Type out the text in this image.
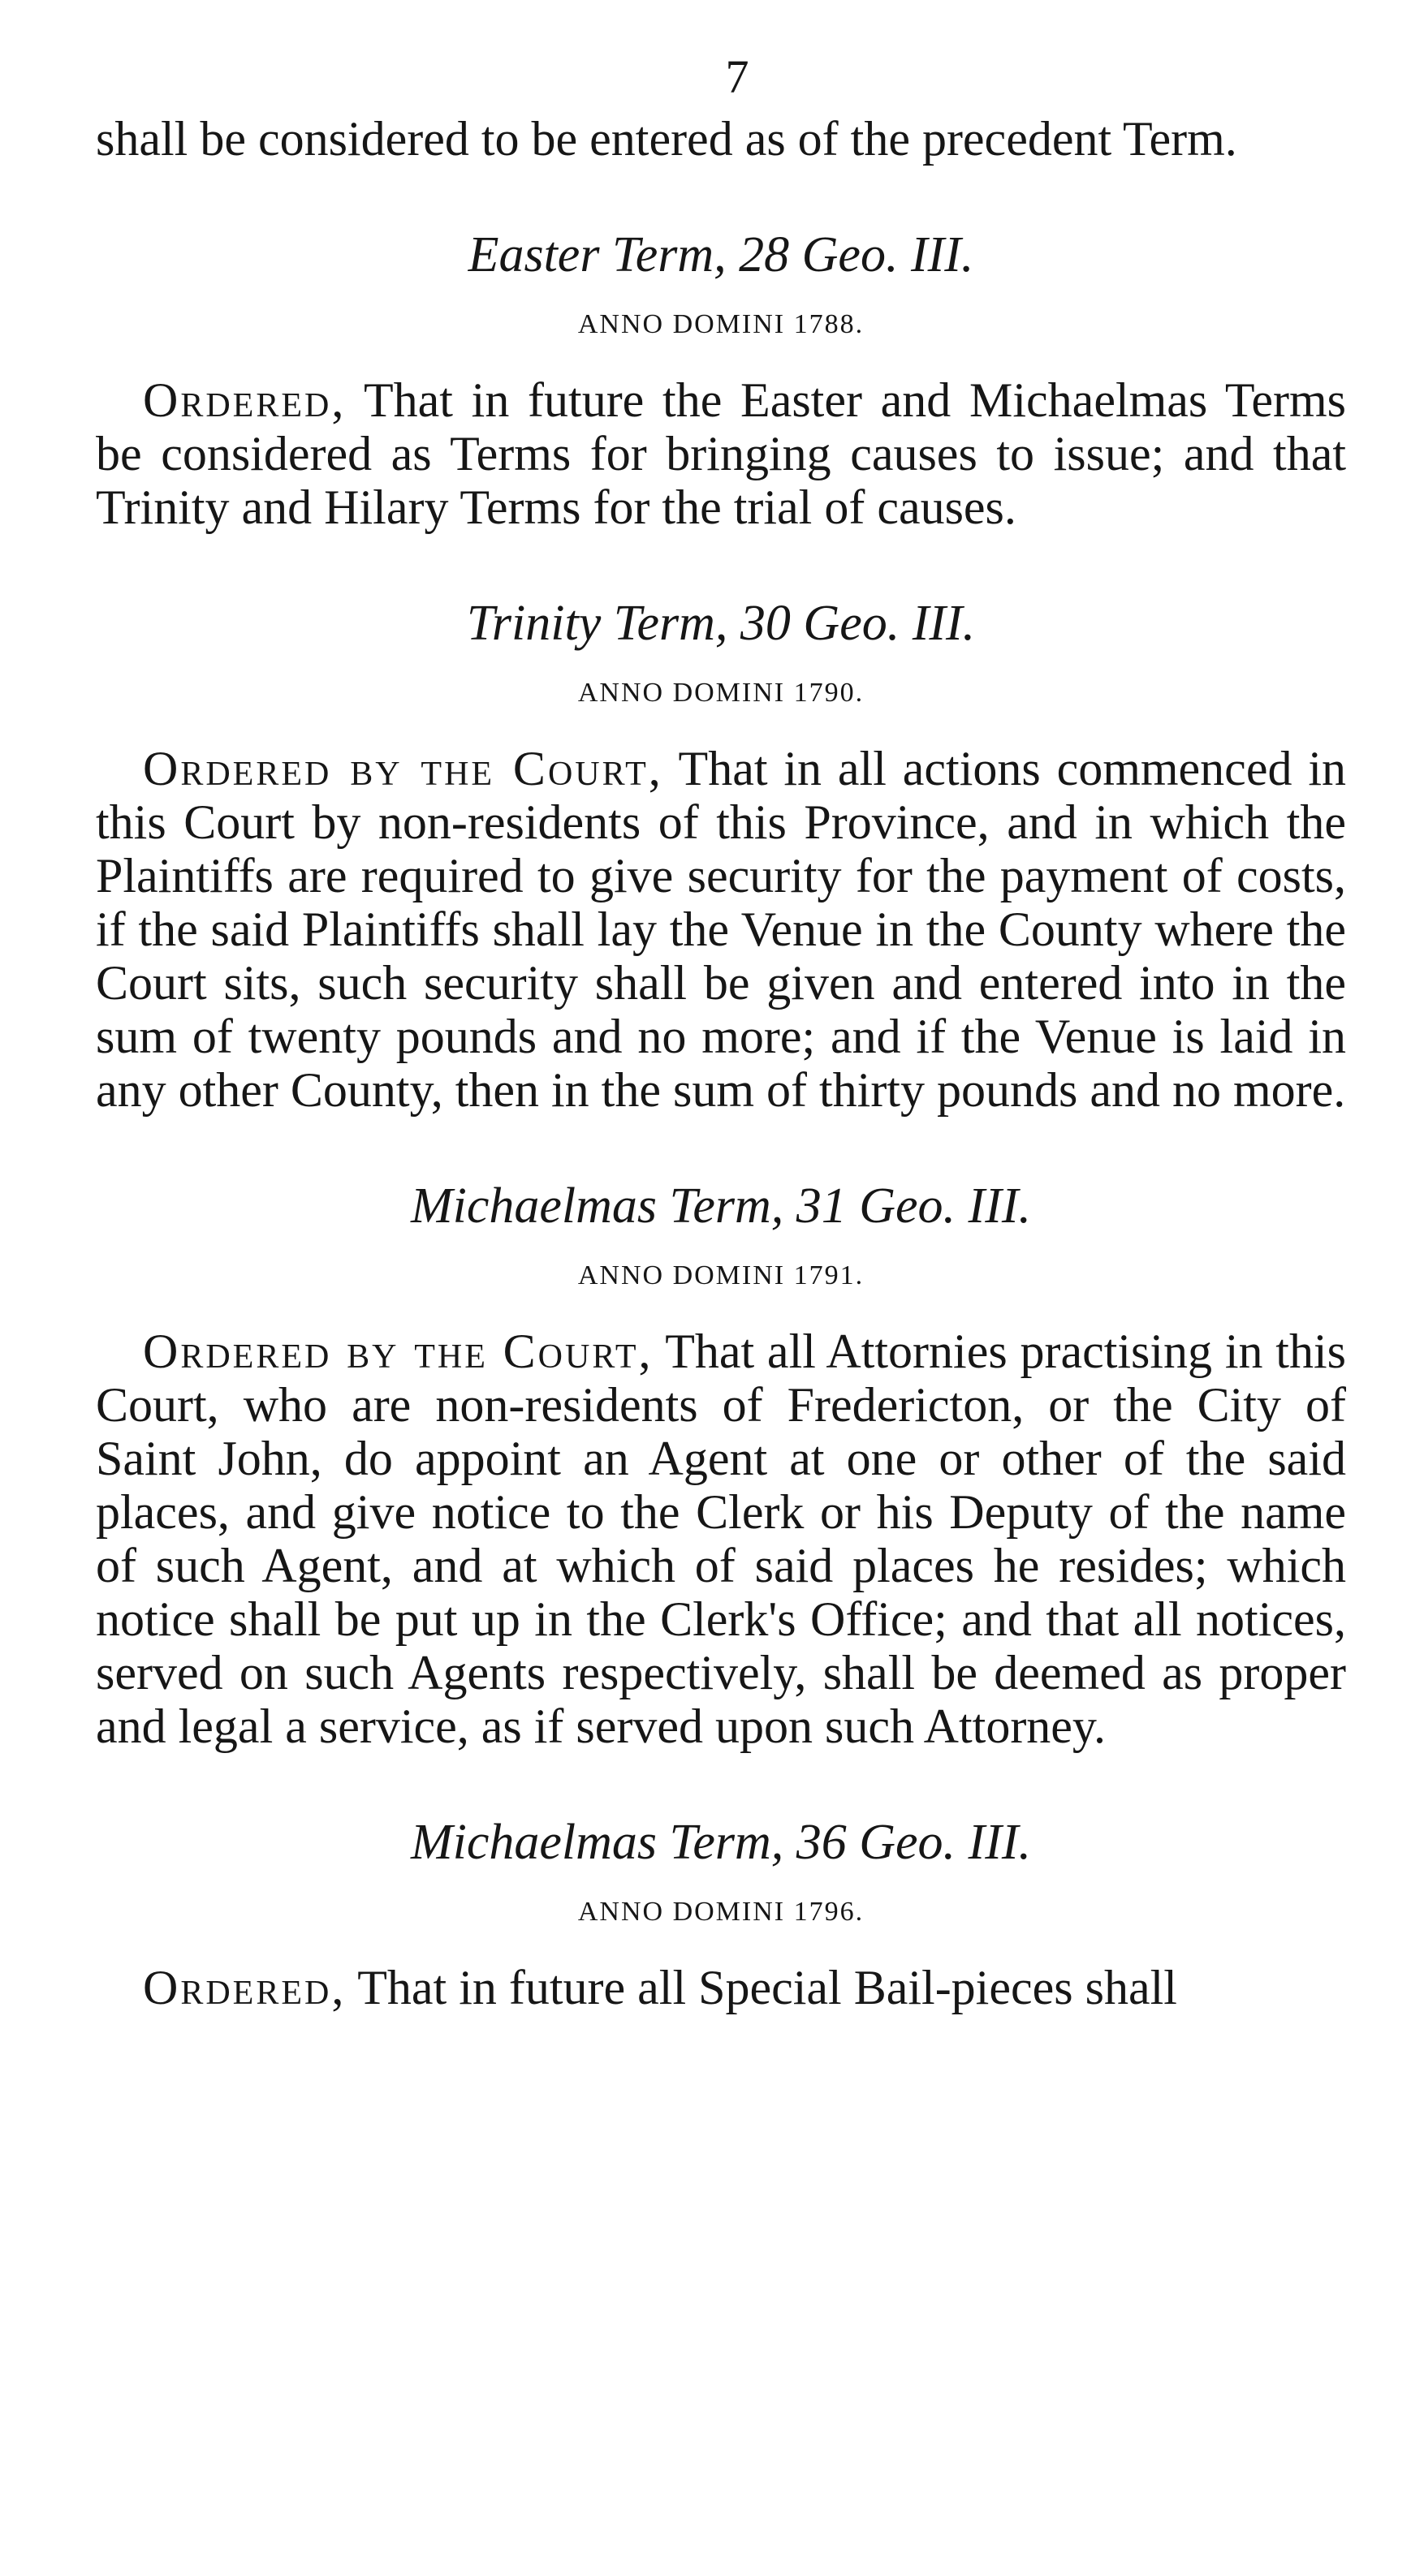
7

shall be considered to be entered as of the precedent Term.

Easter Term, 28 Geo. III.
ANNO DOMINI 1788.

Ordered, That in future the Easter and Michaelmas Terms be considered as Terms for bringing causes to issue; and that Trinity and Hilary Terms for the trial of causes.

Trinity Term, 30 Geo. III.
ANNO DOMINI 1790.

Ordered by the Court, That in all actions commenced in this Court by non-residents of this Province, and in which the Plaintiffs are required to give security for the payment of costs, if the said Plaintiffs shall lay the Venue in the County where the Court sits, such security shall be given and entered into in the sum of twenty pounds and no more; and if the Venue is laid in any other County, then in the sum of thirty pounds and no more.

Michaelmas Term, 31 Geo. III.
ANNO DOMINI 1791.

Ordered by the Court, That all Attornies practising in this Court, who are non-residents of Fredericton, or the City of Saint John, do appoint an Agent at one or other of the said places, and give notice to the Clerk or his Deputy of the name of such Agent, and at which of said places he resides; which notice shall be put up in the Clerk's Office; and that all notices, served on such Agents respectively, shall be deemed as proper and legal a service, as if served upon such Attorney.

Michaelmas Term, 36 Geo. III.
ANNO DOMINI 1796.

Ordered, That in future all Special Bail-pieces shall
